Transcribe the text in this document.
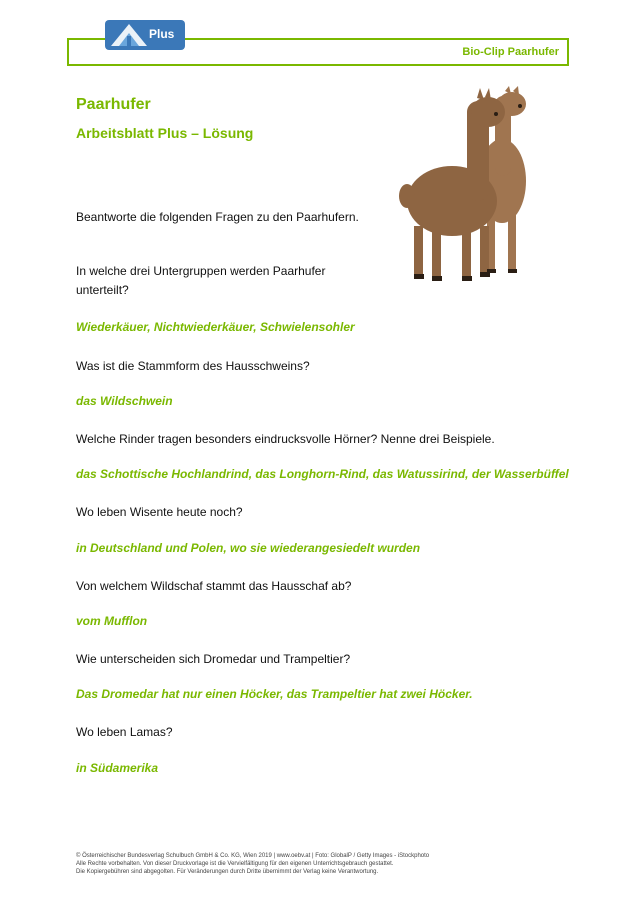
Bio-Clip Paarhufer
Plus
Paarhufer
Arbeitsblatt Plus – Lösung
Beantworte die folgenden Fragen zu den Paarhufern.
In welche drei Untergruppen werden Paarhufer
unterteilt?
Wiederkäuer, Nichtwiederkäuer, Schwielensohler
Was ist die Stammform des Hausschweins?
das Wildschwein
Welche Rinder tragen besonders eindrucksvolle Hörner? Nenne drei Beispiele.
das Schottische Hochlandrind, das Longhorn-Rind, das Watussirind, der Wasserbüffel
Wo leben Wisente heute noch?
in Deutschland und Polen, wo sie wiederangesiedelt wurden
Von welchem Wildschaf stammt das Hausschaf ab?
vom Mufflon
Wie unterscheiden sich Dromedar und Trampeltier?
Das Dromedar hat nur einen Höcker, das Trampeltier hat zwei Höcker.
Wo leben Lamas?
in Südamerika
© Österreichischer Bundesverlag Schulbuch GmbH & Co. KG, Wien 2019 | www.oebv.at | Foto: GlobalP / Getty Images - iStockphoto
Alle Rechte vorbehalten. Von dieser Druckvorlage ist die Vervielfältigung für den eigenen Unterrichtsgebrauch gestattet.
Die Kopiergebühren sind abgegolten. Für Veränderungen durch Dritte übernimmt der Verlag keine Verantwortung.
